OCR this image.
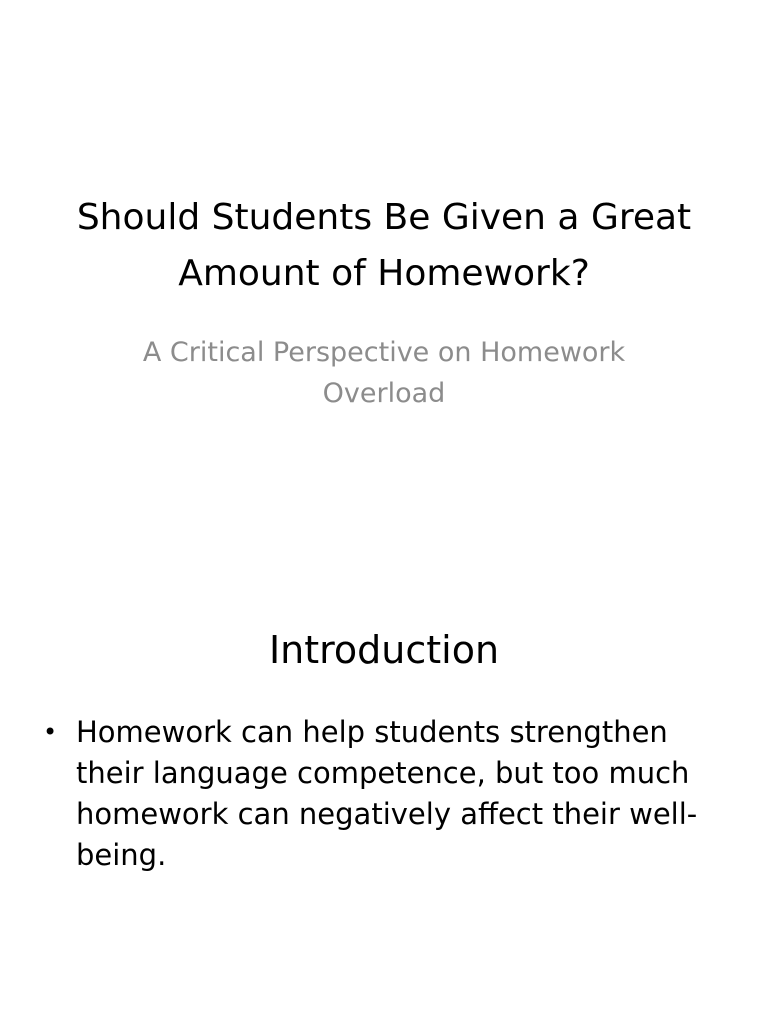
Should Students Be Given a Great Amount of Homework?

A Critical Perspective on Homework Overload

Introduction
• Homework can help students strengthen their language competence, but too much homework can negatively affect their well-being.
